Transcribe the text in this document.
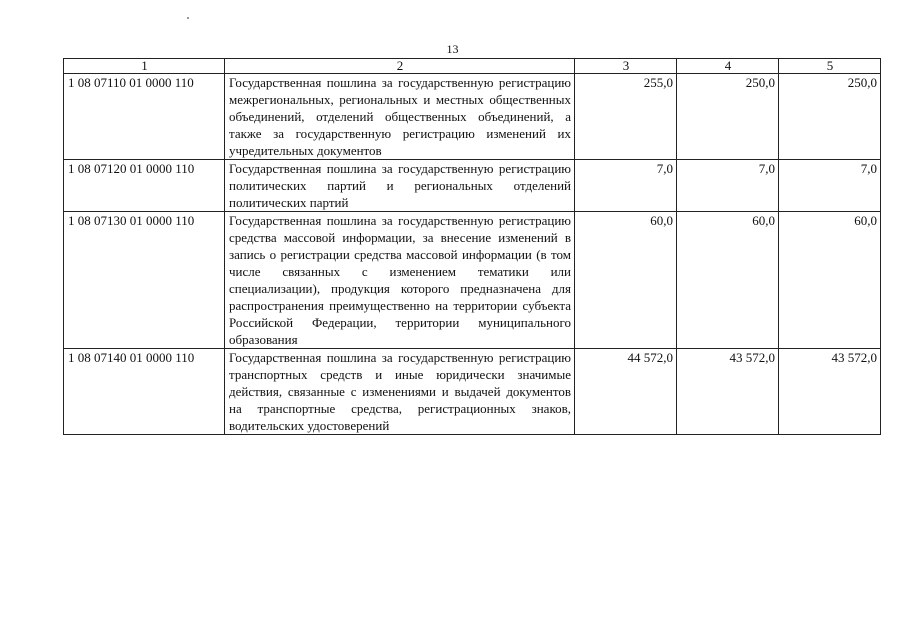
13
1	2	3	4	5
1 08 07110 01 0000 110	Государственная пошлина за государственную регистрацию межрегиональных, региональных и местных общественных объединений, отделений общественных объединений, а также за государственную регистрацию изменений их учредительных документов	255,0	250,0	250,0
1 08 07120 01 0000 110	Государственная пошлина за государственную регистрацию политических партий и региональных отделений политических партий	7,0	7,0	7,0
1 08 07130 01 0000 110	Государственная пошлина за государственную регистрацию средства массовой информации, за внесение изменений в запись о регистрации средства массовой информации (в том числе связанных с изменением тематики или специализации), продукция которого предназначена для распространения преимущественно на территории субъекта Российской Федерации, территории муниципального образования	60,0	60,0	60,0
1 08 07140 01 0000 110	Государственная пошлина за государственную регистрацию транспортных средств и иные юридически значимые действия, связанные с изменениями и выдачей документов на транспортные средства, регистрационных знаков, водительских удостоверений	44 572,0	43 572,0	43 572,0
